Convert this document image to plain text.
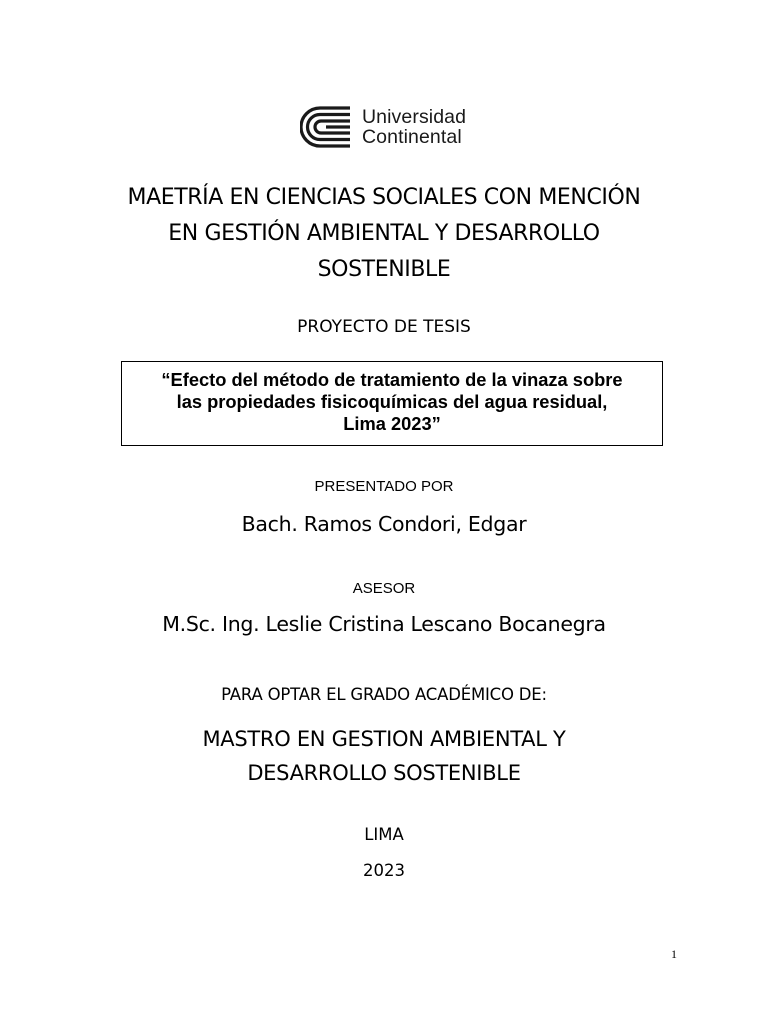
Universidad
Continental
MAETRÍA EN CIENCIAS SOCIALES CON MENCIÓN
EN GESTIÓN AMBIENTAL Y DESARROLLO
SOSTENIBLE
PROYECTO DE TESIS
“Efecto del método de tratamiento de la vinaza sobre
las propiedades fisicoquímicas del agua residual,
Lima 2023”
PRESENTADO POR
Bach. Ramos Condori, Edgar
ASESOR
M.Sc. Ing. Leslie Cristina Lescano Bocanegra
PARA OPTAR EL GRADO ACADÉMICO DE:
MASTRO EN GESTION AMBIENTAL Y
DESARROLLO SOSTENIBLE
LIMA
2023
1
